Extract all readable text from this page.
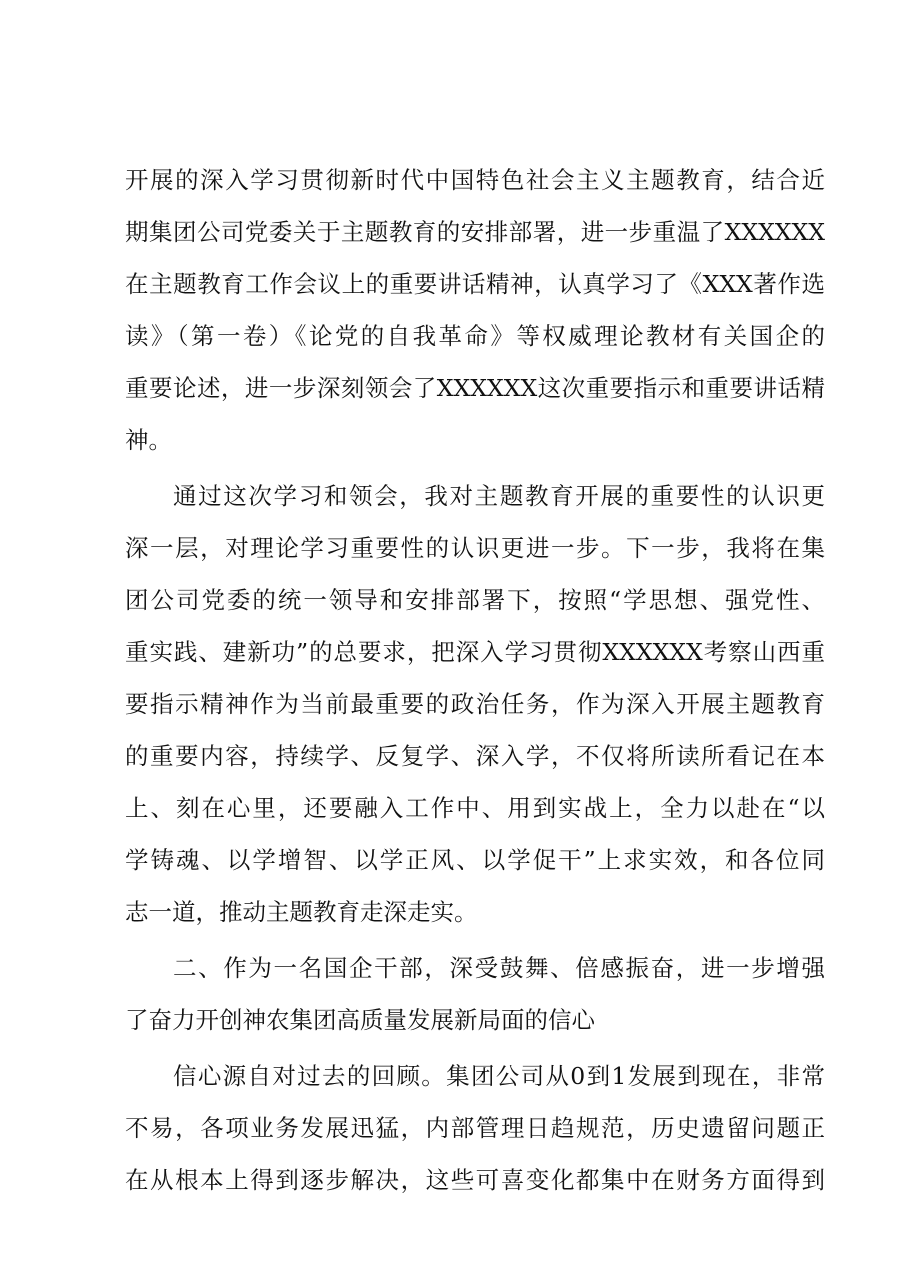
开展的深入学习贯彻新时代中国特色社会主义主题教育，结合近
期集团公司党委关于主题教育的安排部署，进一步重温了XXXXXX
在主题教育工作会议上的重要讲话精神，认真学习了《XXX著作选
读》（第一卷）《论党的自我革命》等权威理论教材有关国企的
重要论述，进一步深刻领会了XXXXXX这次重要指示和重要讲话精
神。
通过这次学习和领会，我对主题教育开展的重要性的认识更
深一层，对理论学习重要性的认识更进一步。下一步，我将在集
团公司党委的统一领导和安排部署下，按照“学思想、强党性、
重实践、建新功”的总要求，把深入学习贯彻XXXXXX考察山西重
要指示精神作为当前最重要的政治任务，作为深入开展主题教育
的重要内容，持续学、反复学、深入学，不仅将所读所看记在本
上、刻在心里，还要融入工作中、用到实战上，全力以赴在“以
学铸魂、以学增智、以学正风、以学促干”上求实效，和各位同
志一道，推动主题教育走深走实。
二、作为一名国企干部，深受鼓舞、倍感振奋，进一步增强
了奋力开创神农集团高质量发展新局面的信心
信心源自对过去的回顾。集团公司从0到1发展到现在，非常
不易，各项业务发展迅猛，内部管理日趋规范，历史遗留问题正
在从根本上得到逐步解决，这些可喜变化都集中在财务方面得到
